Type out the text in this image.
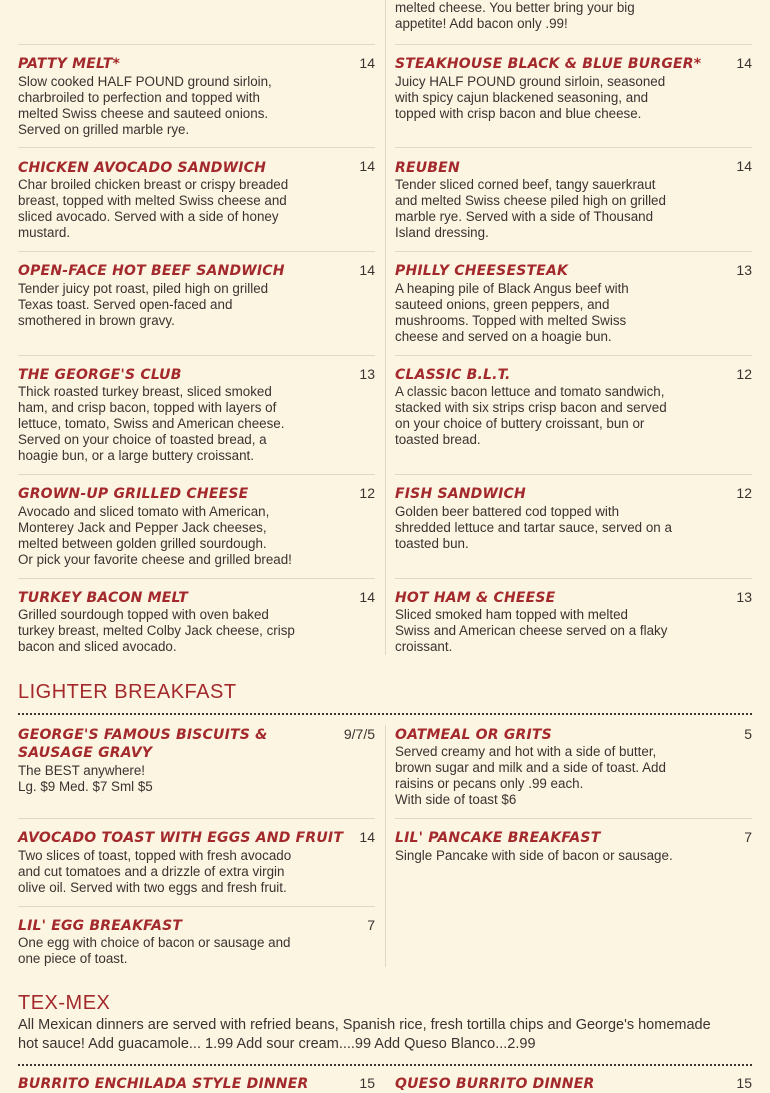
melted cheese. You better bring your big
appetite! Add bacon only .99!
PATTY MELT*	14
Slow cooked HALF POUND ground sirloin,
charbroiled to perfection and topped with
melted Swiss cheese and sauteed onions.
Served on grilled marble rye.
STEAKHOUSE BLACK & BLUE BURGER*	14
Juicy HALF POUND ground sirloin, seasoned
with spicy cajun blackened seasoning, and
topped with crisp bacon and blue cheese.
CHICKEN AVOCADO SANDWICH	14
Char broiled chicken breast or crispy breaded
breast, topped with melted Swiss cheese and
sliced avocado. Served with a side of honey
mustard.
REUBEN	14
Tender sliced corned beef, tangy sauerkraut
and melted Swiss cheese piled high on grilled
marble rye. Served with a side of Thousand
Island dressing.
OPEN-FACE HOT BEEF SANDWICH	14
Tender juicy pot roast, piled high on grilled
Texas toast. Served open-faced and
smothered in brown gravy.
PHILLY CHEESESTEAK	13
A heaping pile of Black Angus beef with
sauteed onions, green peppers, and
mushrooms. Topped with melted Swiss
cheese and served on a hoagie bun.
THE GEORGE'S CLUB	13
Thick roasted turkey breast, sliced smoked
ham, and crisp bacon, topped with layers of
lettuce, tomato, Swiss and American cheese.
Served on your choice of toasted bread, a
hoagie bun, or a large buttery croissant.
CLASSIC B.L.T.	12
A classic bacon lettuce and tomato sandwich,
stacked with six strips crisp bacon and served
on your choice of buttery croissant, bun or
toasted bread.
GROWN-UP GRILLED CHEESE	12
Avocado and sliced tomato with American,
Monterey Jack and Pepper Jack cheeses,
melted between golden grilled sourdough.
Or pick your favorite cheese and grilled bread!
FISH SANDWICH	12
Golden beer battered cod topped with
shredded lettuce and tartar sauce, served on a
toasted bun.
TURKEY BACON MELT	14
Grilled sourdough topped with oven baked
turkey breast, melted Colby Jack cheese, crisp
bacon and sliced avocado.
HOT HAM & CHEESE	13
Sliced smoked ham topped with melted
Swiss and American cheese served on a flaky
croissant.
LIGHTER BREAKFAST
GEORGE'S FAMOUS BISCUITS & SAUSAGE GRAVY
9/7/5
The BEST anywhere!
Lg. $9 Med. $7 Sml $5
OATMEAL OR GRITS	5
Served creamy and hot with a side of butter,
brown sugar and milk and a side of toast. Add
raisins or pecans only .99 each.
With side of toast $6
AVOCADO TOAST WITH EGGS AND FRUIT	14
Two slices of toast, topped with fresh avocado
and cut tomatoes and a drizzle of extra virgin
olive oil. Served with two eggs and fresh fruit.
LIL' PANCAKE BREAKFAST	7
Single Pancake with side of bacon or sausage.
LIL' EGG BREAKFAST	7
One egg with choice of bacon or sausage and
one piece of toast.
TEX-MEX
All Mexican dinners are served with refried beans, Spanish rice, fresh tortilla chips and George's homemade hot sauce! Add guacamole... 1.99 Add sour cream....99 Add Queso Blanco...2.99
BURRITO ENCHILADA STYLE DINNER	15 QUESO BURRITO DINNER	15
